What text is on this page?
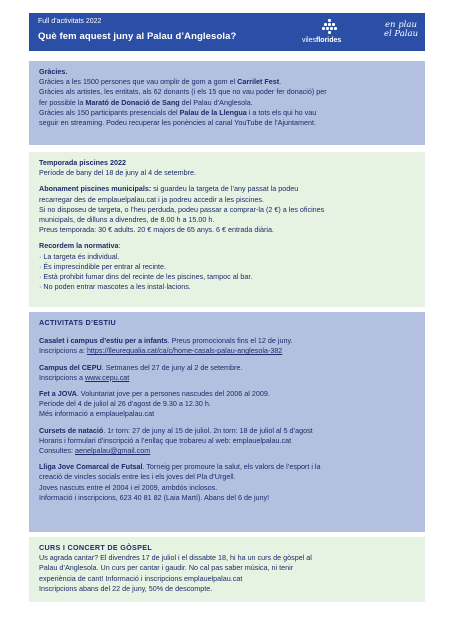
Full d’activitats 2022
Què fem aquest juny al Palau d’Anglesola?	vilesflorides
en plau
el Palau

Gràcies.

Gràcies a les 1500 persones que vau omplir de gom a gom el Carrilet Fest.

Gràcies als artistes, les entitats, als 62 donants (i els 15 que no vau poder fer donació) per

fer possible la Marató de Donació de Sang del Palau d’Anglesola.

Gràcies als 150 participants presencials del Palau de la Llengua i a tots els qui ho vau

seguir en streaming. Podeu recuperar les ponències al canal YouTube de l’Ajuntament.

Temporada piscines 2022

Període de bany del 18 de juny al 4 de setembre.

Abonament piscines municipals: si guardeu la targeta de l’any passat la podeu

recarregar des de emplauelpalau.cat i ja podreu accedir a les piscines.

Si no disposeu de targeta, o l’heu perduda, podeu passar a comprar-la (2 €) a les oficines

municipals, de dilluns a divendres, de 8.00 h a 15.00 h.

Preus temporada: 30 € adults. 20 € majors de 65 anys. 6 € entrada diària.

Recordem la normativa:

· La targeta és individual.

· És imprescindible per entrar al recinte.

· Està prohibit fumar dins del recinte de les piscines, tampoc al bar.

· No poden entrar mascotes a les instal·lacions.

ACTIVITATS D’ESTIU

Casalet i campus d’estiu per a infants. Preus promocionals fins el 12 de juny.

Inscripcions a: https://lleurequalia.cat/ca/c/home-casals-palau-anglesola-382

Campus del CEPU. Setmanes del 27 de juny al 2 de setembre.

Inscripcions a www.cepu.cat

Fet a JOVA. Voluntariat jove per a persones nascudes del 2006 al 2009.

Període del 4 de juliol al 26 d’agost de 9.30 a 12.30 h.

Més informació a emplauelpalau.cat

Cursets de natació. 1r torn: 27 de juny al 15 de juliol. 2n torn: 18 de juliol al 5 d’agost

Horaris i formulari d’inscripció a l’enllaç que trobareu al web: emplauelpalau.cat

Consultes: aenelpalau@gmail.com

Lliga Jove Comarcal de Futsal. Torneig per promoure la salut, els valors de l’esport i la

creació de vincles socials entre les i els joves del Pla d’Urgell.

Joves nascuts entre el 2004 i el 2009, ambdós inclosos.

Informació i inscripcions, 623 40 81 82 (Laia Martí). Abans del 6 de juny!

CURS I CONCERT DE GÒSPEL

Us agrada cantar? El divendres 17 de juliol i el dissabte 18, hi ha un curs de gòspel al

Palau d’Anglesola. Un curs per cantar i gaudir. No cal pas saber música, ni tenir

experiència de cant! Informació i inscripcions emplauelpalau.cat

Inscripcions abans del 22 de juny, 50% de descompte.
